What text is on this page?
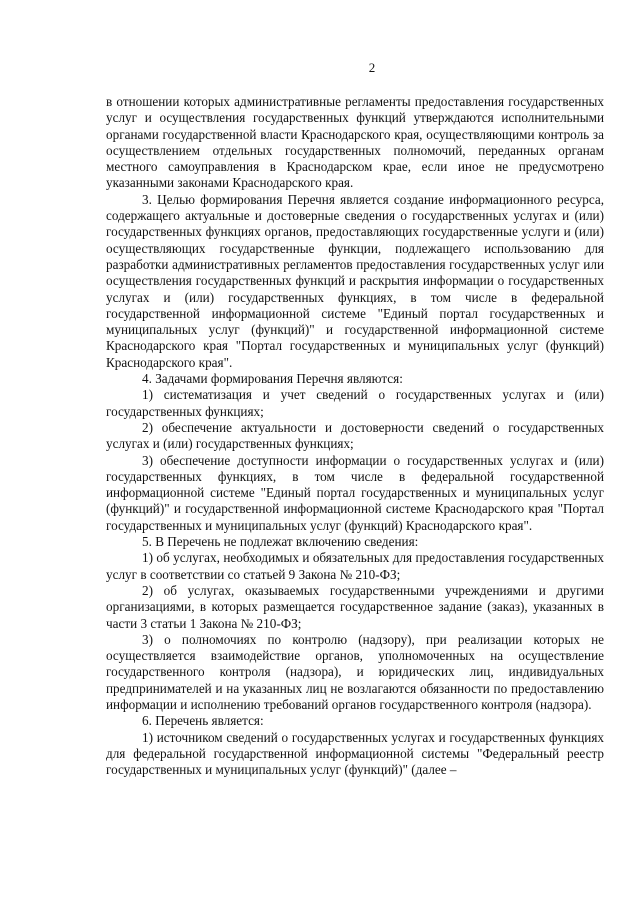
2

в отношении которых административные регламенты предоставления государственных услуг и осуществления государственных функций утверждаются исполнительными органами государственной власти Краснодарского края, осуществляющими контроль за осуществлением отдельных государственных полномочий, переданных органам местного самоуправления в Краснодарском крае, если иное не предусмотрено указанными законами Краснодарского края.

3. Целью формирования Перечня является создание информационного ресурса, содержащего актуальные и достоверные сведения о государственных услугах и (или) государственных функциях органов, предоставляющих государственные услуги и (или) осуществляющих государственные функции, подлежащего использованию для разработки административных регламентов предоставления государственных услуг или осуществления государственных функций и раскрытия информации о государственных услугах и (или) государственных функциях, в том числе в федеральной государственной информационной системе "Единый портал государственных и муниципальных услуг (функций)" и государственной информационной системе Краснодарского края "Портал государственных и муниципальных услуг (функций) Краснодарского края".

4. Задачами формирования Перечня являются:

1) систематизация и учет сведений о государственных услугах и (или) государственных функциях;

2) обеспечение актуальности и достоверности сведений о государственных услугах и (или) государственных функциях;

3) обеспечение доступности информации о государственных услугах и (или) государственных функциях, в том числе в федеральной государственной информационной системе "Единый портал государственных и муниципальных услуг (функций)" и государственной информационной системе Краснодарского края "Портал государственных и муниципальных услуг (функций) Краснодарского края".

5. В Перечень не подлежат включению сведения:

1) об услугах, необходимых и обязательных для предоставления государственных услуг в соответствии со статьей 9 Закона № 210-ФЗ;

2) об услугах, оказываемых государственными учреждениями и другими организациями, в которых размещается государственное задание (заказ), указанных в части 3 статьи 1 Закона № 210-ФЗ;

3) о полномочиях по контролю (надзору), при реализации которых не осуществляется взаимодействие органов, уполномоченных на осуществление государственного контроля (надзора), и юридических лиц, индивидуальных предпринимателей и на указанных лиц не возлагаются обязанности по предоставлению информации и исполнению требований органов государственного контроля (надзора).

6. Перечень является:

1) источником сведений о государственных услугах и государственных функциях для федеральной государственной информационной системы "Федеральный реестр государственных и муниципальных услуг (функций)" (далее –
